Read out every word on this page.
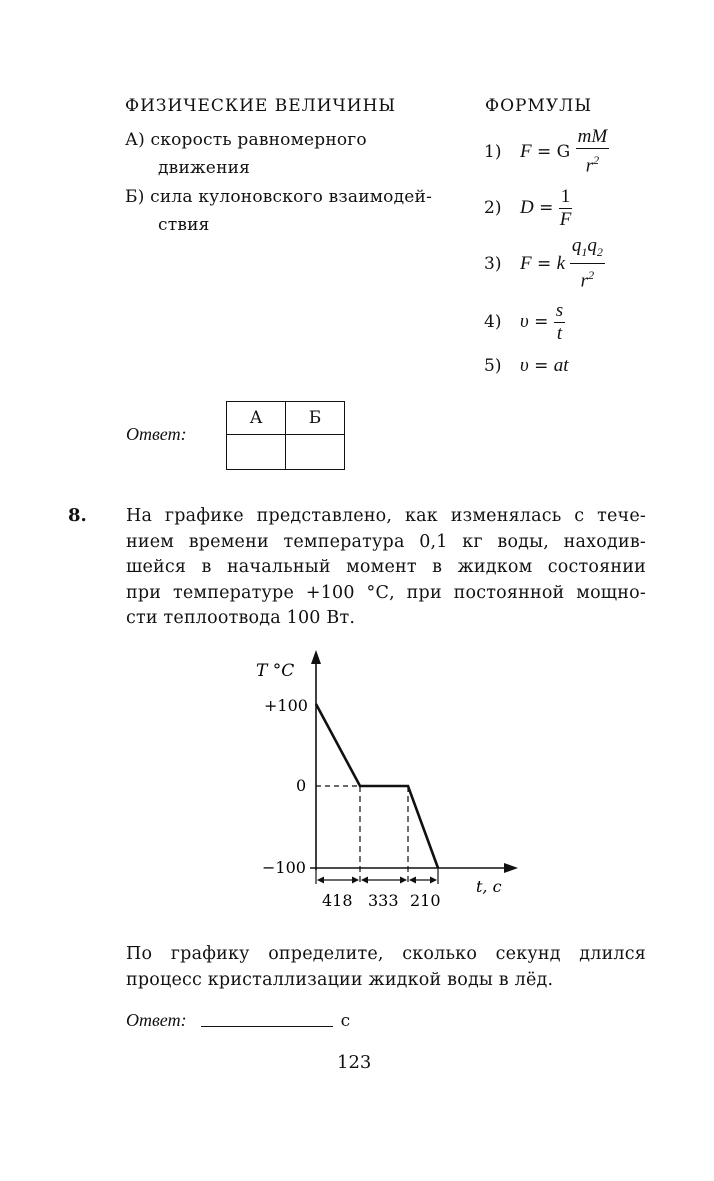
ФИЗИЧЕСКИЕ ВЕЛИЧИНЫ	ФОРМУЛЫ
А) скорость равномерного
движения
Б) сила кулоновского взаимодей-
ствия
1) F = G $\frac{mM}{r^2}$
2) $D = \frac{1}{F}$
3) F = k $\frac{q_1q_2}{r^2}$
4) $\upsilon = \frac{s}{t}$
5) υ = at
Ответ:
А	Б

8. На графике представлено, как изменялась с тече-
нием времени температура 0,1 кг воды, находив-
шейся в начальный момент в жидком состоянии
при температуре +100 °С, при постоянной мощно-
сти теплоотвода 100 Вт.
T °C
+100
0
−100
t, c
418 333 210
По графику определите, сколько секунд длился
процесс кристаллизации жидкой воды в лёд.
Ответ:	с
123
